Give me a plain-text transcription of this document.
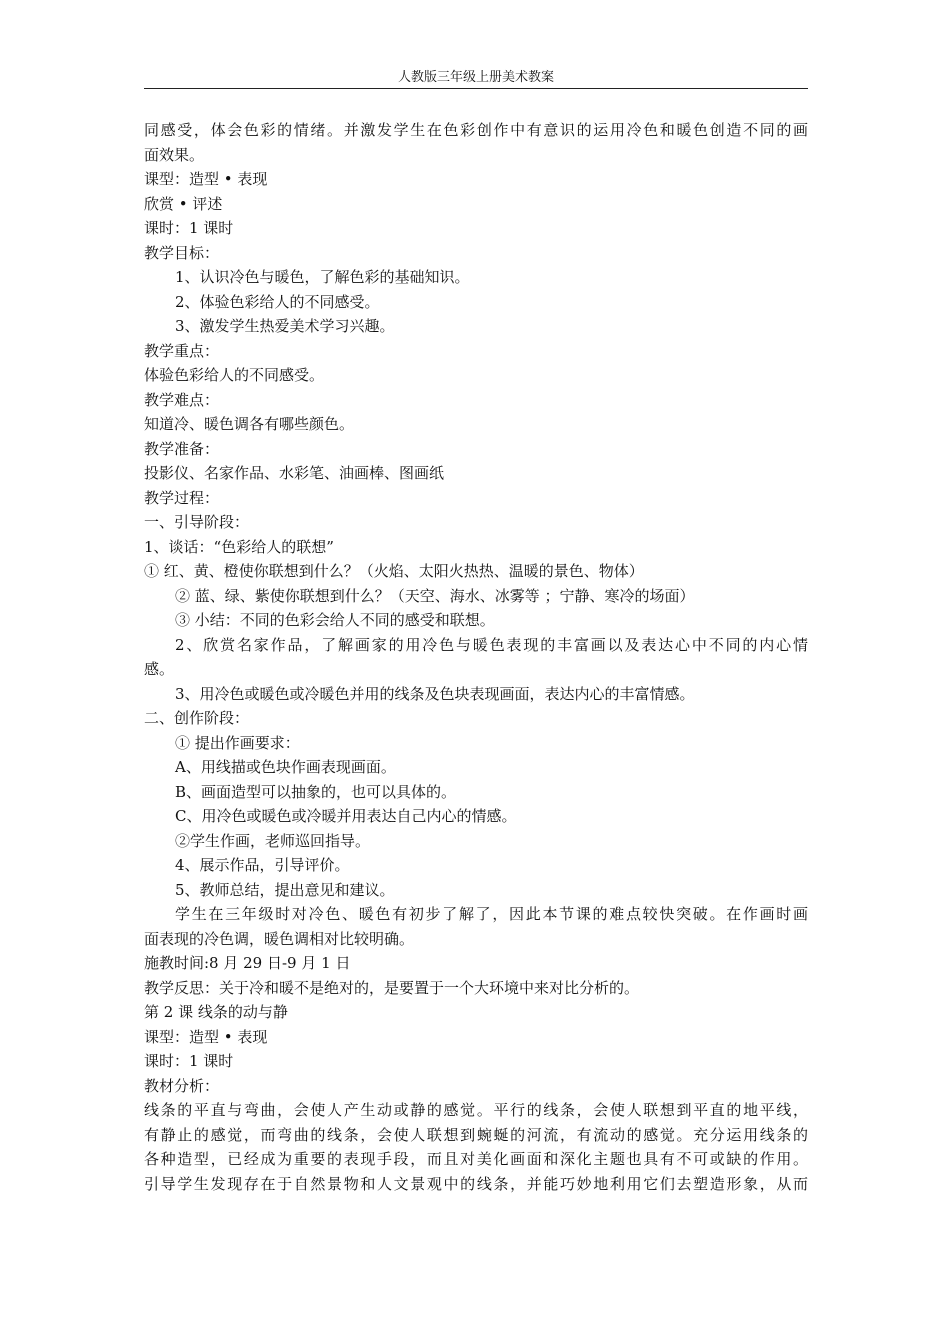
人教版三年级上册美术教案
同感受，体会色彩的情绪。并激发学生在色彩创作中有意识的运用冷色和暖色创造不同的画
面效果。
课型：造型 • 表现
欣赏 • 评述
课时：1 课时
教学目标：
1、认识冷色与暖色，了解色彩的基础知识。
2、体验色彩给人的不同感受。
3、激发学生热爱美术学习兴趣。
教学重点：
体验色彩给人的不同感受。
教学难点：
知道冷、暖色调各有哪些颜色。
教学准备：
投影仪、名家作品、水彩笔、油画棒、图画纸
教学过程：
一、引导阶段：
1、谈话：“色彩给人的联想”
① 红、黄、橙使你联想到什么？（火焰、太阳火热热、温暖的景色、物体）
② 蓝、绿、紫使你联想到什么？（天空、海水、冰雾等 ；宁静、寒冷的场面）
③ 小结：不同的色彩会给人不同的感受和联想。
2、欣赏名家作品，了解画家的用冷色与暖色表现的丰富画以及表达心中不同的内心情
感。
3、用冷色或暖色或冷暖色并用的线条及色块表现画面，表达内心的丰富情感。
二、创作阶段：
① 提出作画要求：
A、用线描或色块作画表现画面。
B、画面造型可以抽象的，也可以具体的。
C、用冷色或暖色或冷暖并用表达自己内心的情感。
②学生作画，老师巡回指导。
4、展示作品，引导评价。
5、教师总结，提出意见和建议。
学生在三年级时对冷色、暖色有初步了解了，因此本节课的难点较快突破。在作画时画
面表现的冷色调，暖色调相对比较明确。
施教时间:8 月 29 日-9 月 1 日
教学反思：关于冷和暖不是绝对的，是要置于一个大环境中来对比分析的。
第 2 课 线条的动与静
课型：造型 • 表现
课时：1 课时
教材分析：
线条的平直与弯曲，会使人产生动或静的感觉。平行的线条，会使人联想到平直的地平线，
有静止的感觉，而弯曲的线条，会使人联想到蜿蜒的河流，有流动的感觉。充分运用线条的
各种造型，已经成为重要的表现手段，而且对美化画面和深化主题也具有不可或缺的作用。
引导学生发现存在于自然景物和人文景观中的线条，并能巧妙地利用它们去塑造形象，从而
